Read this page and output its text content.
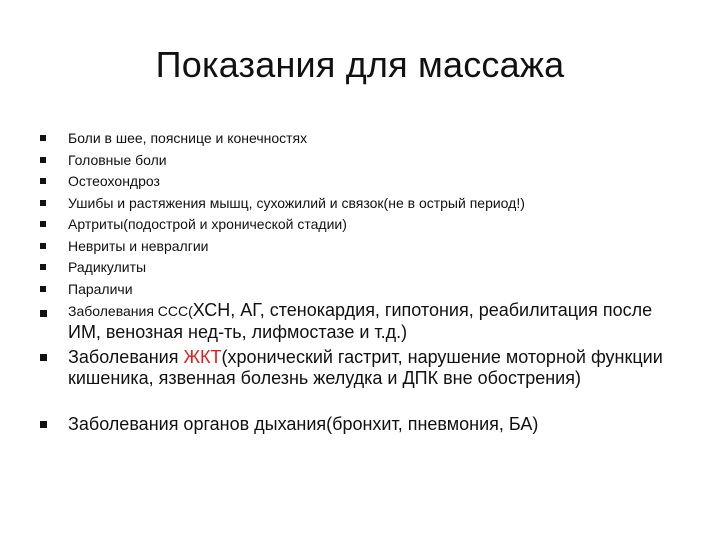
Показания для массажа
Боли в шее, пояснице и конечностях
Головные боли
Остеохондроз
Ушибы и растяжения мышц, сухожилий и связок(не в острый период!)
Артриты(подострой и хронической стадии)
Невриты и невралгии
Радикулиты
Параличи
Заболевания ССС(ХСН, АГ, стенокардия, гипотония, реабилитация после ИМ, венозная нед-ть, лифмостазе и т.д.)
Заболевания ЖКТ(хронический гастрит, нарушение моторной функции кишеника, язвенная болезнь желудка и ДПК вне обострения)
Заболевания органов дыхания(бронхит, пневмония, БА)
